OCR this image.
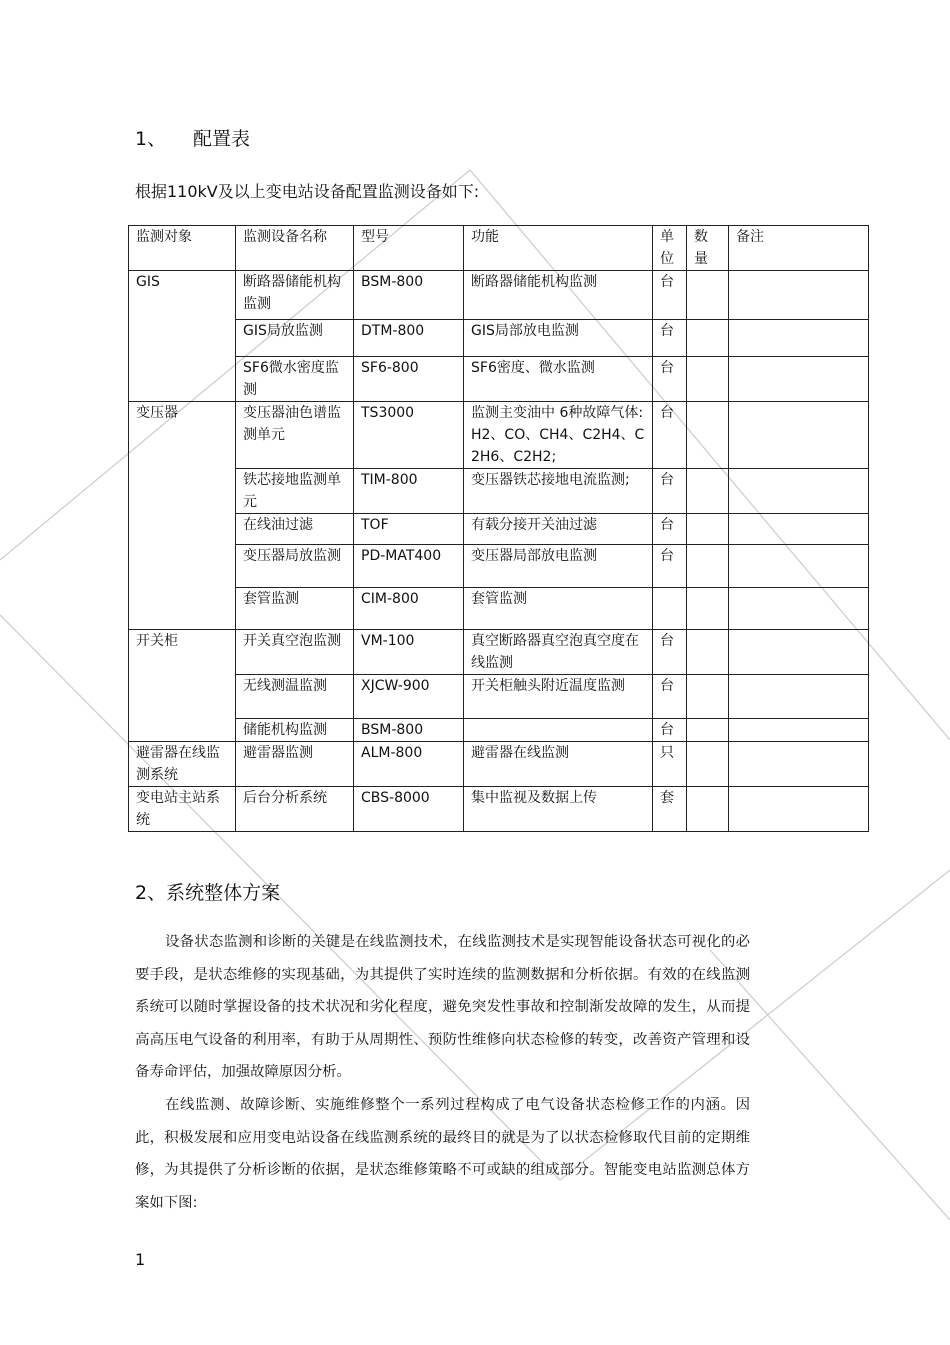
1、 配置表

根据110kV及以上变电站设备配置监测设备如下:

监测对象	监测设备名称	型号	功能	单位	数量	备注
GIS	断路器储能机构监测	BSM-800	断路器储能机构监测	台		
	GIS局放监测	DTM-800	GIS局部放电监测	台		
	SF6微水密度监测	SF6-800	SF6密度、微水监测	台		
变压器	变压器油色谱监测单元	TS3000	监测主变油中 6种故障气体: H2、CO、CH4、C2H4、C2H6、C2H2;	台		
	铁芯接地监测单元	TIM-800	变压器铁芯接地电流监测;	台		
	在线油过滤	TOF	有载分接开关油过滤	台		
	变压器局放监测	PD-MAT400	变压器局部放电监测	台		
	套管监测	CIM-800	套管监测			
开关柜	开关真空泡监测	VM-100	真空断路器真空泡真空度在线监测	台		
	无线测温监测	XJCW-900	开关柜触头附近温度监测	台		
	储能机构监测	BSM-800		台		
避雷器在线监测系统	避雷器监测	ALM-800	避雷器在线监测	只		
变电站主站系统	后台分析系统	CBS-8000	集中监视及数据上传	套		
2、系统整体方案

设备状态监测和诊断的关键是在线监测技术，在线监测技术是实现智能设备状态可视化的必要手段，是状态维修的实现基础，为其提供了实时连续的监测数据和分析依据。有效的在线监测系统可以随时掌握设备的技术状况和劣化程度，避免突发性事故和控制渐发故障的发生，从而提高高压电气设备的利用率，有助于从周期性、预防性维修向状态检修的转变，改善资产管理和设备寿命评估，加强故障原因分析。

在线监测、故障诊断、实施维修整个一系列过程构成了电气设备状态检修工作的内涵。因此，积极发展和应用变电站设备在线监测系统的最终目的就是为了以状态检修取代目前的定期维修，为其提供了分析诊断的依据，是状态维修策略不可或缺的组成部分。智能变电站监测总体方案如下图:

1
